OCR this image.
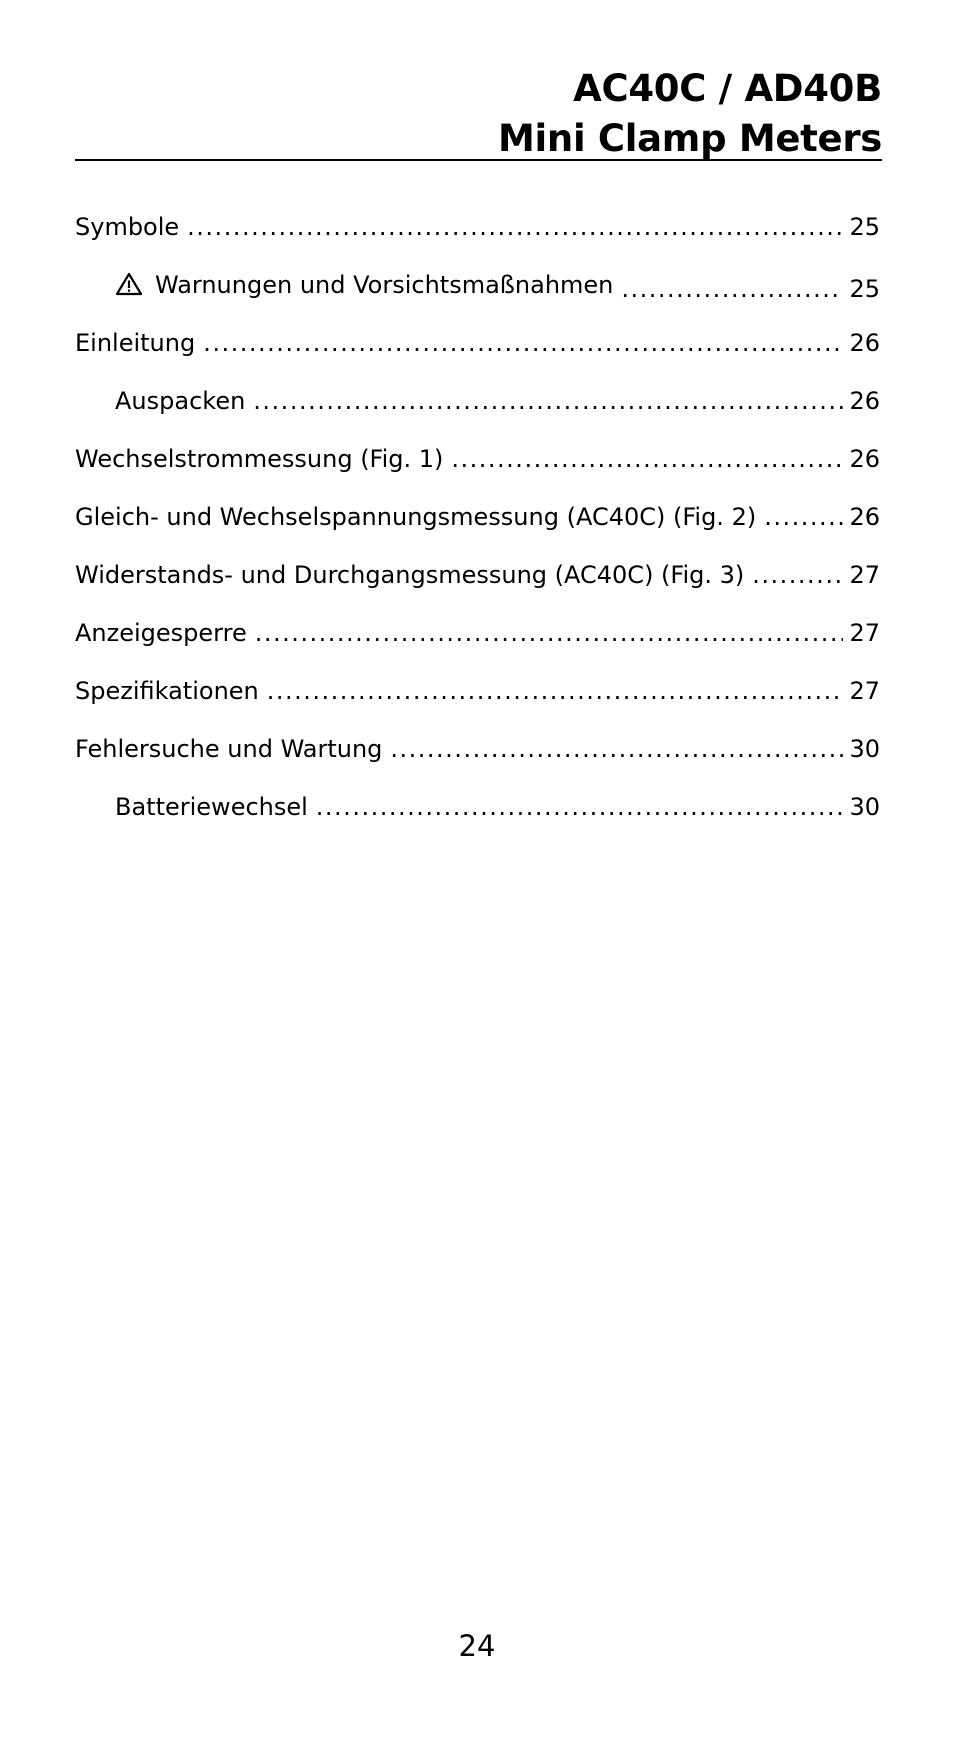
AC40C / AD40B
Mini Clamp Meters
Symbole .....	25
Warnungen und Vorsichtsmaßnahmen .....	25
Einleitung .....	26
Auspacken .....	26
Wechselstrommessung (Fig. 1) .....	26
Gleich- und Wechselspannungsmessung (AC40C) (Fig. 2) .....	26
Widerstands- und Durchgangsmessung (AC40C) (Fig. 3) .....	27
Anzeigesperre .....	27
Spezifikationen .....	27
Fehlersuche und Wartung .....	30
Batteriewechsel .....	30
24
